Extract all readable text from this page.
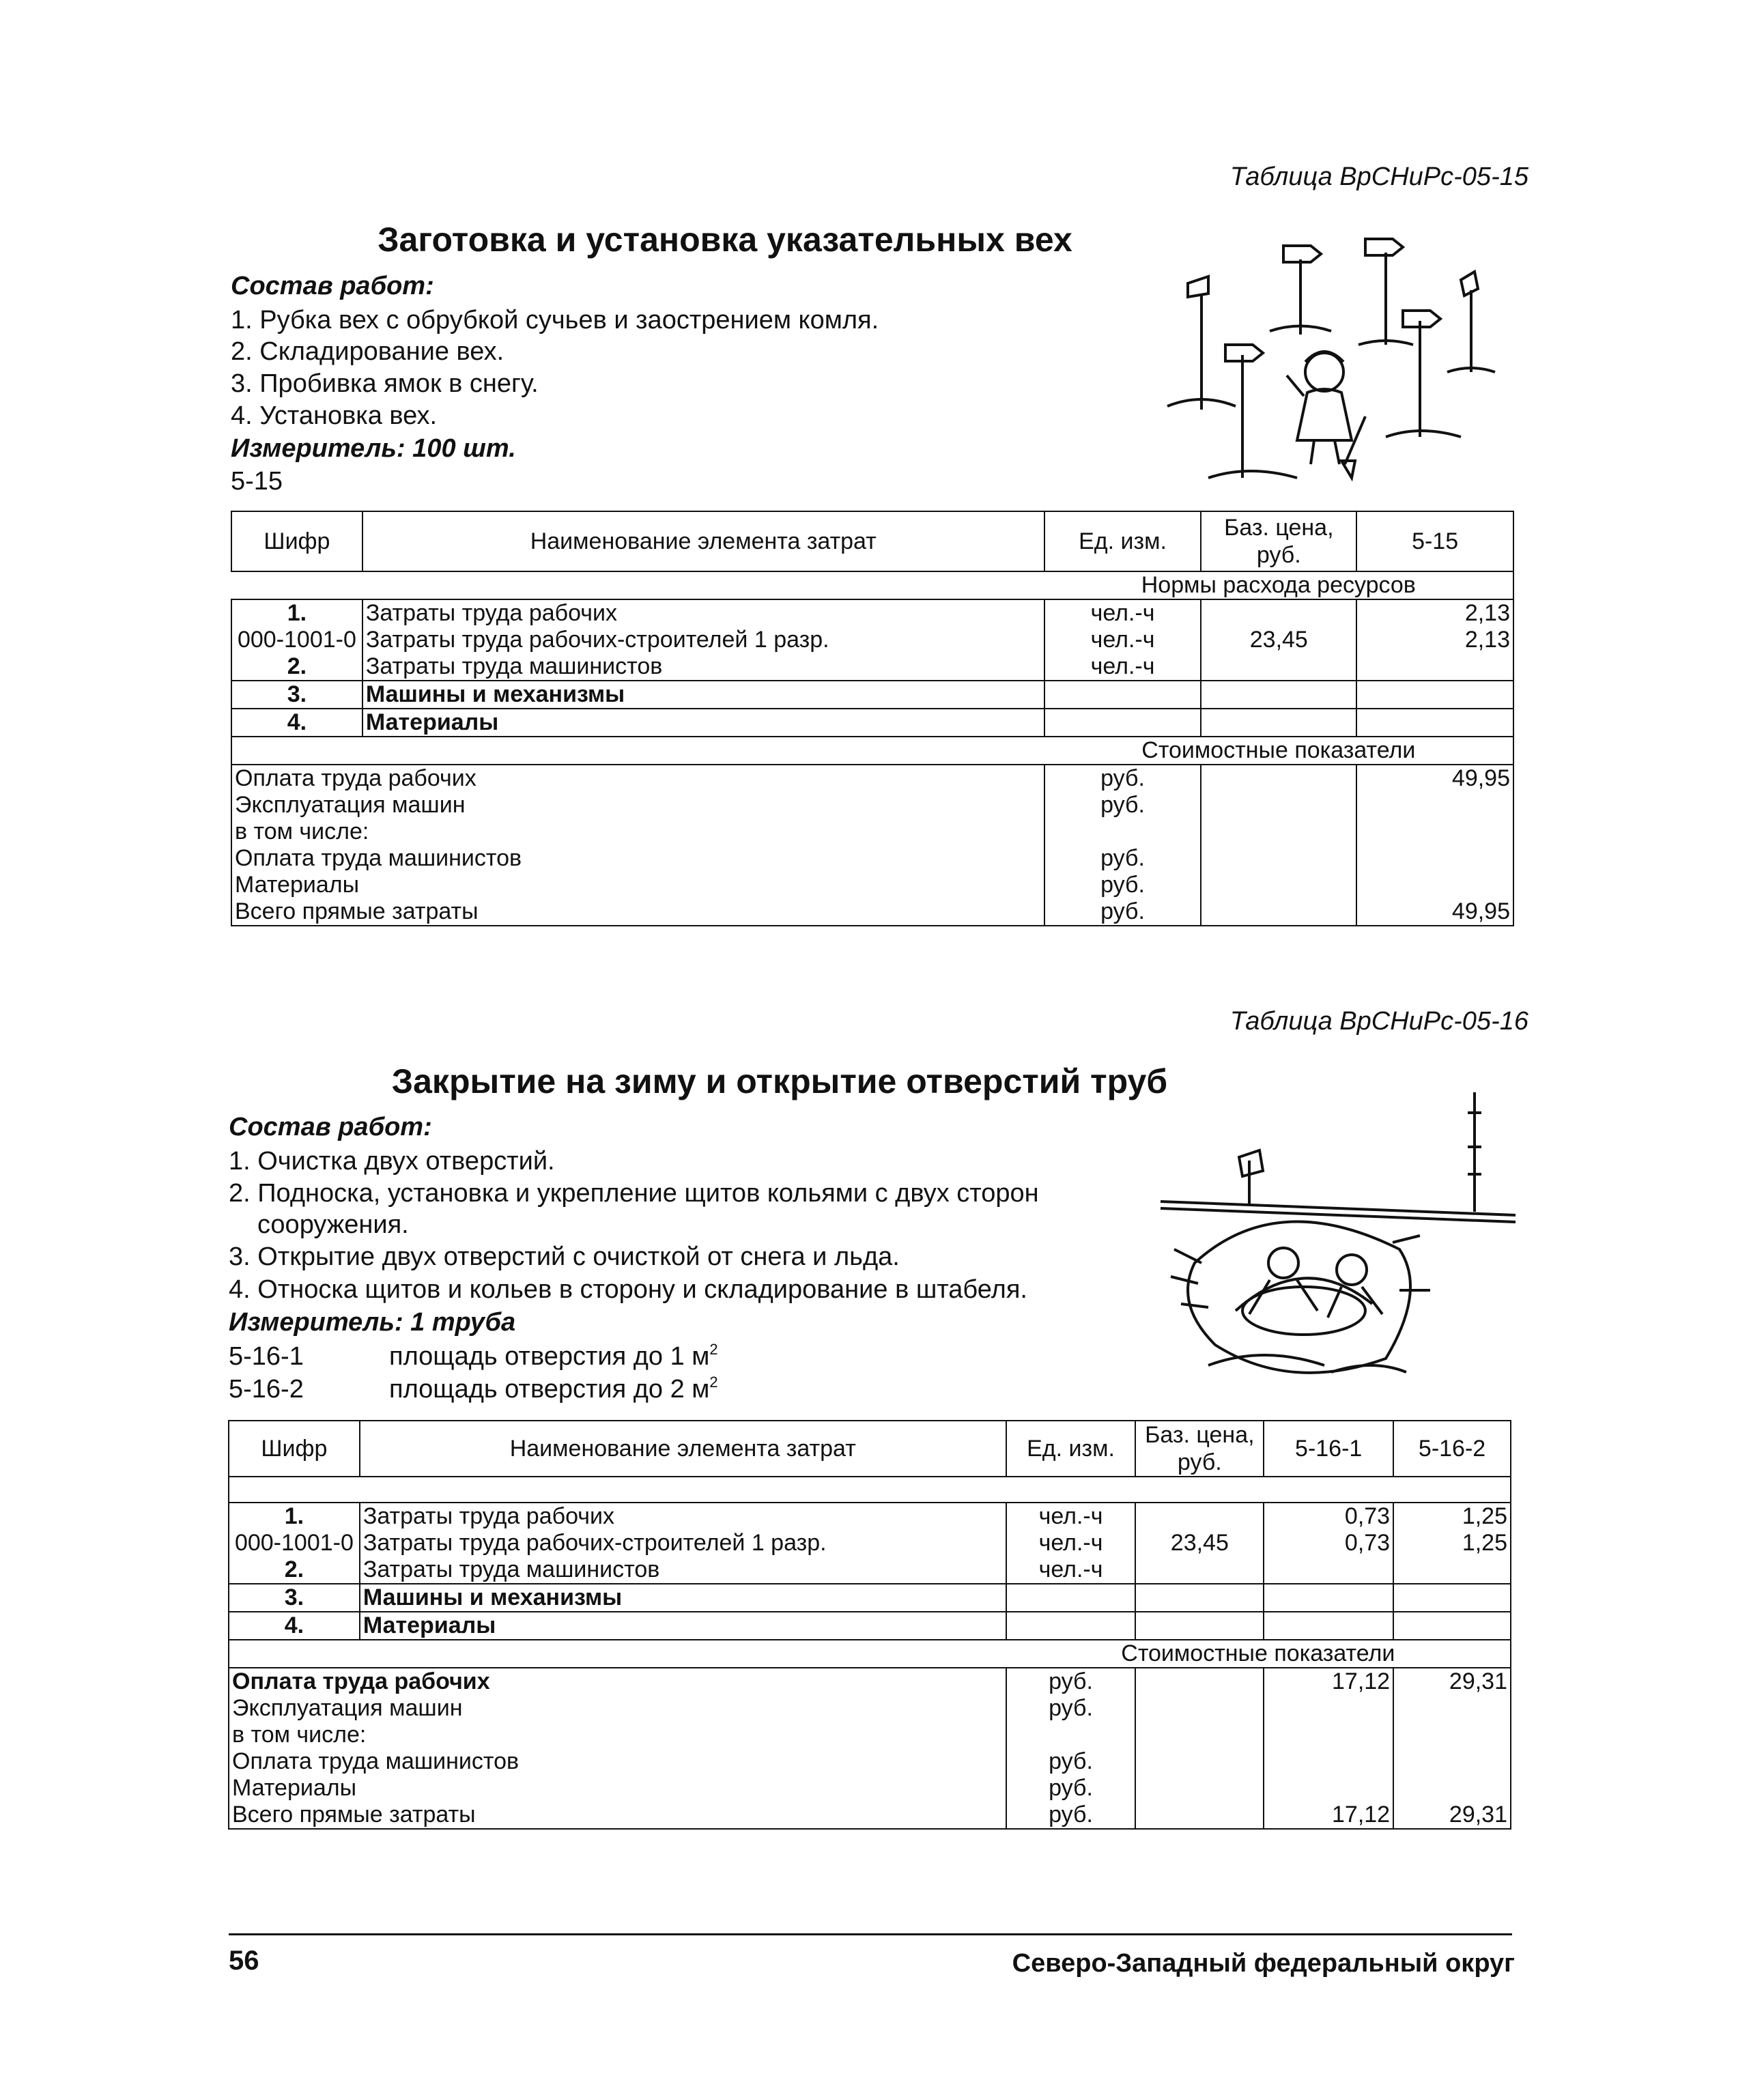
Таблица ВрСНиРс-05-15
Заготовка и установка указательных вех
Состав работ:
1. Рубка вех с обрубкой сучьев и заострением комля.
2. Складирование вех.
3. Пробивка ямок в снегу.
4. Установка вех.
Измеритель: 100 шт.
5-15
Шифр	Наименование элемента затрат	Ед. изм.	Баз. цена, руб.	5-15
		Нормы расхода ресурсов		
1.	Затраты труда рабочих	чел.-ч		2,13
000-1001-0	Затраты труда рабочих-строителей 1 разр.	чел.-ч	23,45	2,13
2.	Затраты труда машинистов	чел.-ч		
3.	Машины и механизмы			
4.	Материалы			
		Стоимостные показатели		
Оплата труда рабочих		руб.		49,95
Эксплуатация машин		руб.		
в том числе:				
Оплата труда машинистов		руб.		
Материалы		руб.		
Всего прямые затраты		руб.		49,95
Таблица ВрСНиРс-05-16
Закрытие на зиму и открытие отверстий труб
Состав работ:
1. Очистка двух отверстий.
2. Подноска, установка и укрепление щитов кольями с двух сторон
сооружения.
3. Открытие двух отверстий с очисткой от снега и льда.
4. Относка щитов и кольев в сторону и складирование в штабеля.
Измеритель: 1 труба
5-16-1	площадь отверстия до 1 $м^2$
5-16-2	площадь отверстия до 2 $м^2$
Шифр	Наименование элемента затрат	Ед. изм.	Баз. цена, руб.	5-16-1	5-16-2

1.	Затраты труда рабочих	чел.-ч		0,73	1,25
000-1001-0	Затраты труда рабочих-строителей 1 разр.	чел.-ч	23,45	0,73	1,25
2.	Затраты труда машинистов	чел.-ч			
3.	Машины и механизмы				
4.	Материалы				
		Стоимостные показатели			
Оплата труда рабочих		руб.		17,12	29,31
Эксплуатация машин		руб.			
в том числе:					
Оплата труда машинистов		руб.			
Материалы		руб.			
Всего прямые затраты		руб.		17,12	29,31
56	Северо-Западный федеральный округ
